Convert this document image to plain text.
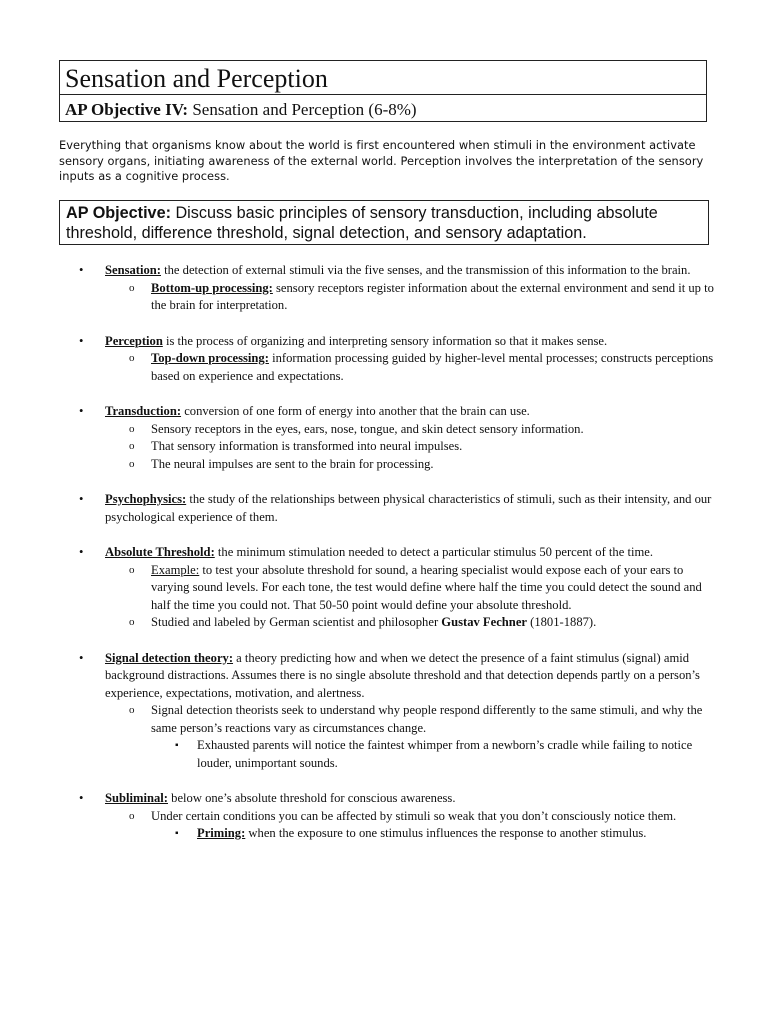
Sensation and Perception
AP Objective IV: Sensation and Perception (6-8%)
Everything that organisms know about the world is first encountered when stimuli in the environment activate sensory organs, initiating awareness of the external world. Perception involves the interpretation of the sensory inputs as a cognitive process.
AP Objective: Discuss basic principles of sensory transduction, including absolute threshold, difference threshold, signal detection, and sensory adaptation.
• Sensation: the detection of external stimuli via the five senses, and the transmission of this information to the brain.
o Bottom-up processing: sensory receptors register information about the external environment and send it up to the brain for interpretation.
• Perception is the process of organizing and interpreting sensory information so that it makes sense.
o Top-down processing: information processing guided by higher-level mental processes; constructs perceptions based on experience and expectations.
• Transduction: conversion of one form of energy into another that the brain can use.
o Sensory receptors in the eyes, ears, nose, tongue, and skin detect sensory information.
o That sensory information is transformed into neural impulses.
o The neural impulses are sent to the brain for processing.
• Psychophysics: the study of the relationships between physical characteristics of stimuli, such as their intensity, and our psychological experience of them.
• Absolute Threshold: the minimum stimulation needed to detect a particular stimulus 50 percent of the time.
o Example: to test your absolute threshold for sound, a hearing specialist would expose each of your ears to varying sound levels. For each tone, the test would define where half the time you could detect the sound and half the time you could not. That 50-50 point would define your absolute threshold.
o Studied and labeled by German scientist and philosopher Gustav Fechner (1801-1887).
• Signal detection theory: a theory predicting how and when we detect the presence of a faint stimulus (signal) amid background distractions. Assumes there is no single absolute threshold and that detection depends partly on a person’s experience, expectations, motivation, and alertness.
o Signal detection theorists seek to understand why people respond differently to the same stimuli, and why the same person’s reactions vary as circumstances change.
▪ Exhausted parents will notice the faintest whimper from a newborn’s cradle while failing to notice louder, unimportant sounds.
• Subliminal: below one’s absolute threshold for conscious awareness.
o Under certain conditions you can be affected by stimuli so weak that you don’t consciously notice them.
▪ Priming: when the exposure to one stimulus influences the response to another stimulus.
